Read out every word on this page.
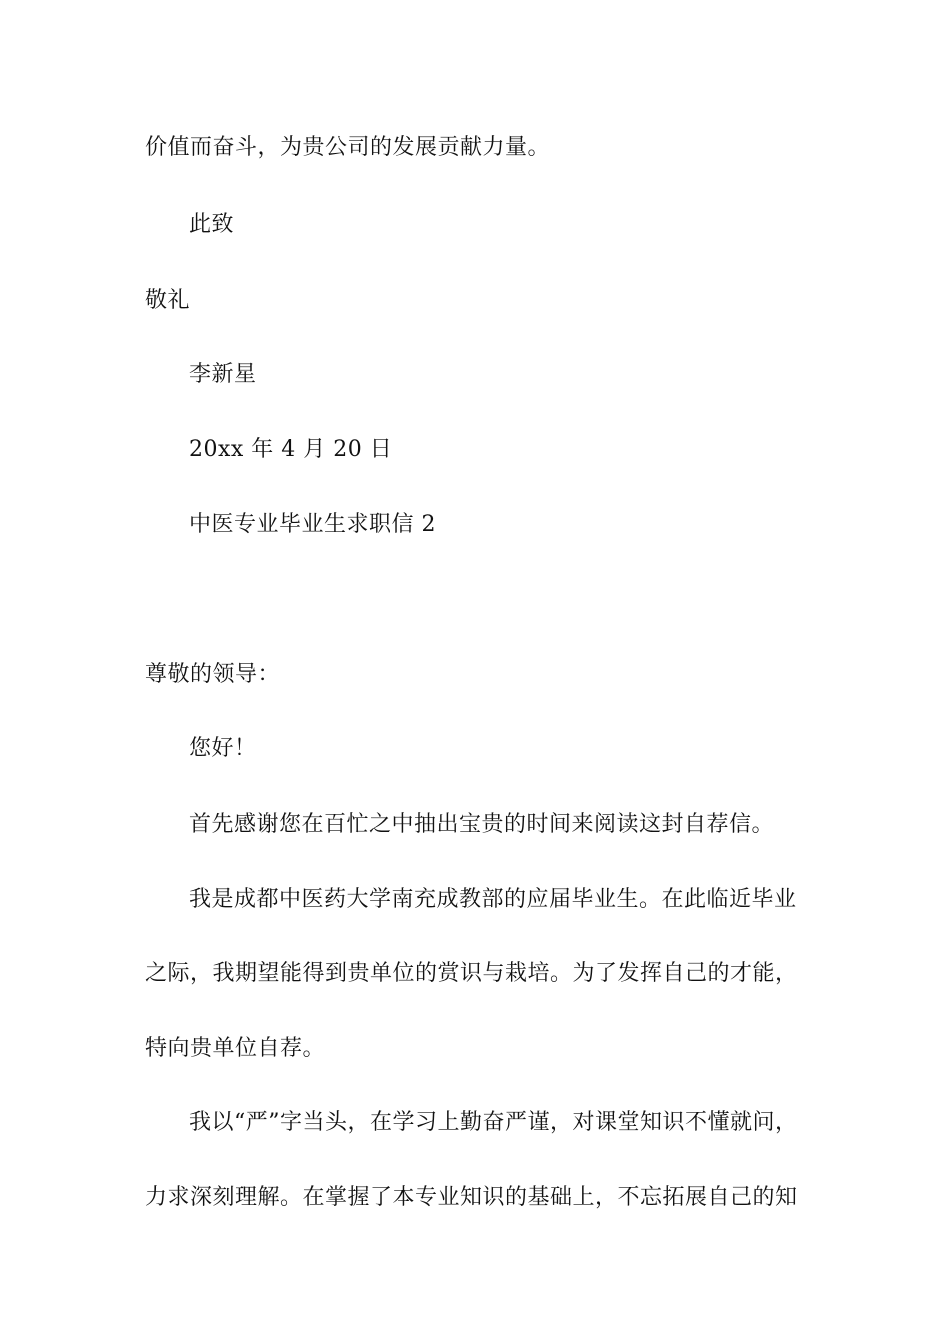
价值而奋斗，为贵公司的发展贡献力量。
此致
敬礼
李新星
20xx 年 4 月 20 日
中医专业毕业生求职信 2
尊敬的领导：
您好！
首先感谢您在百忙之中抽出宝贵的时间来阅读这封自荐信。
我是成都中医药大学南充成教部的应届毕业生。在此临近毕业
之际，我期望能得到贵单位的赏识与栽培。为了发挥自己的才能，
特向贵单位自荐。
我以“严”字当头，在学习上勤奋严谨，对课堂知识不懂就问，
力求深刻理解。在掌握了本专业知识的基础上，不忘拓展自己的知
